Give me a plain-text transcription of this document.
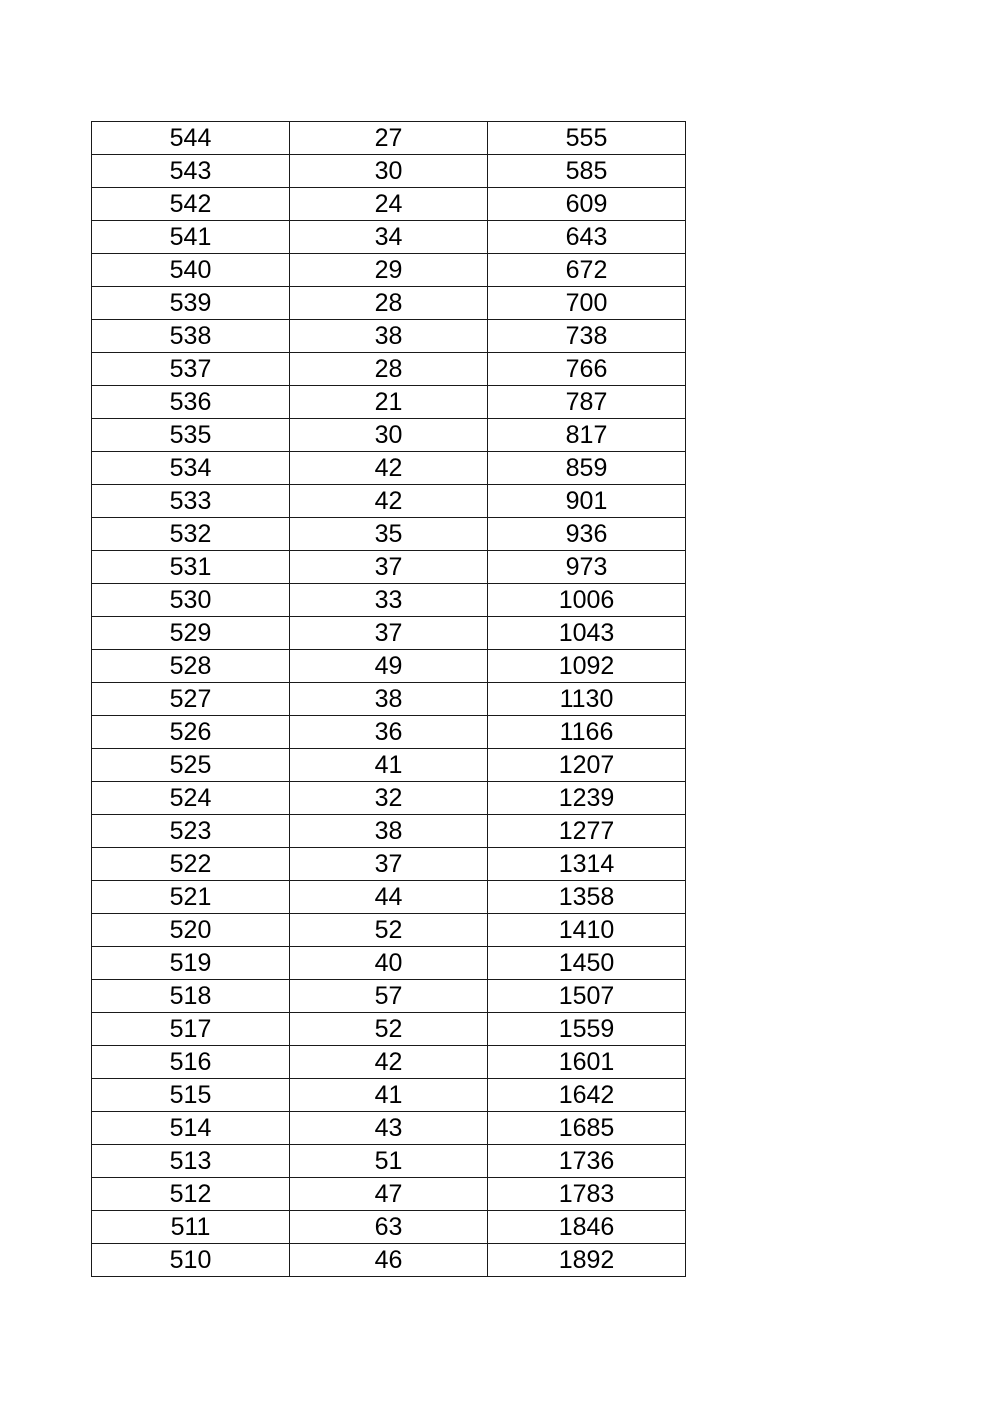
544	27	555
543	30	585
542	24	609
541	34	643
540	29	672
539	28	700
538	38	738
537	28	766
536	21	787
535	30	817
534	42	859
533	42	901
532	35	936
531	37	973
530	33	1006
529	37	1043
528	49	1092
527	38	1130
526	36	1166
525	41	1207
524	32	1239
523	38	1277
522	37	1314
521	44	1358
520	52	1410
519	40	1450
518	57	1507
517	52	1559
516	42	1601
515	41	1642
514	43	1685
513	51	1736
512	47	1783
511	63	1846
510	46	1892
